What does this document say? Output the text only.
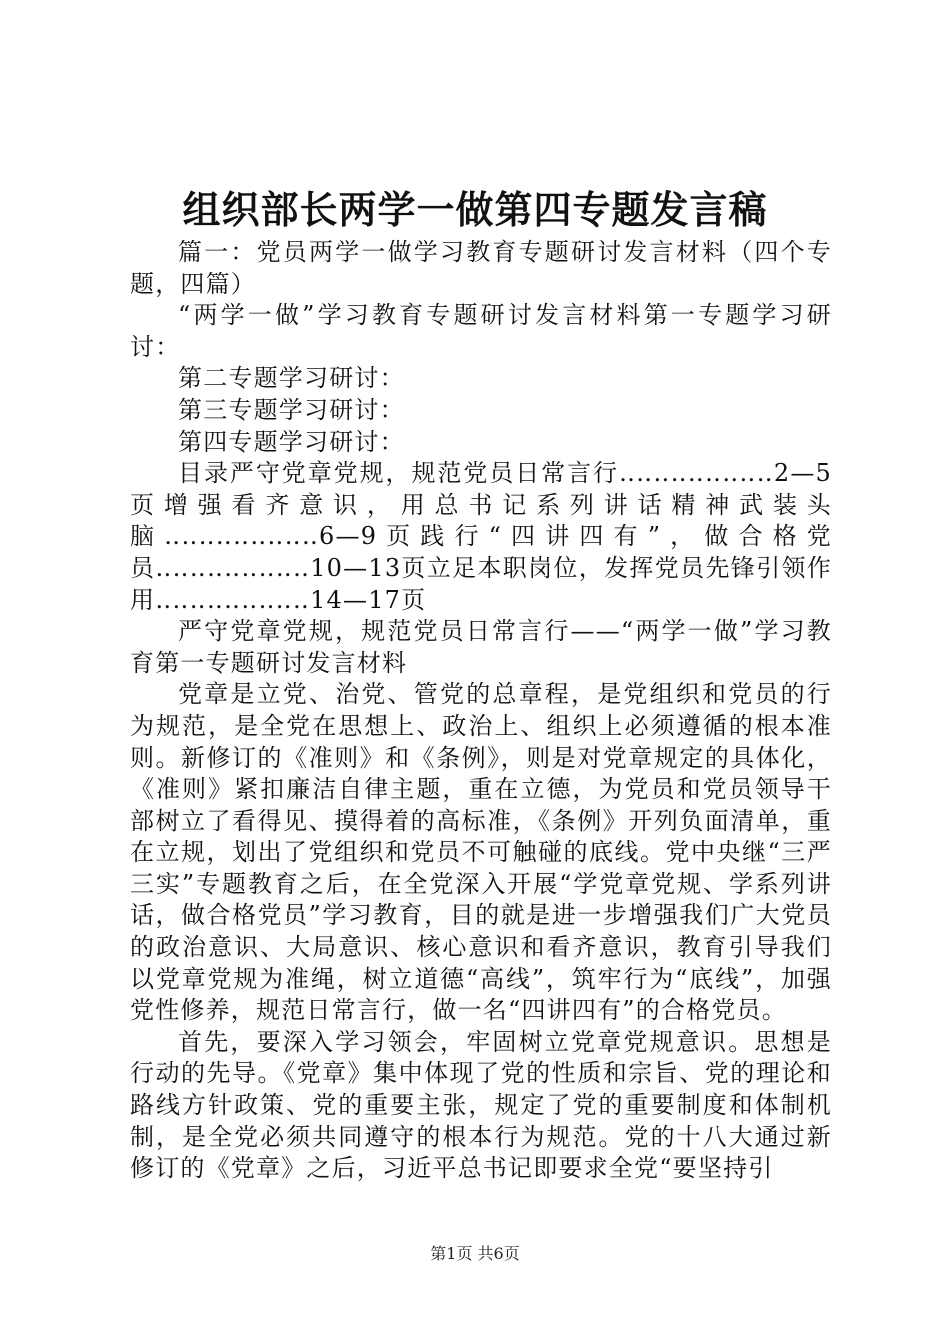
组织部长两学一做第四专题发言稿

篇一：党员两学一做学习教育专题研讨发言材料（四个专题，四篇）

“两学一做”学习教育专题研讨发言材料第一专题学习研讨：

第二专题学习研讨：

第三专题学习研讨：

第四专题学习研讨：

目录严守党章党规，规范党员日常言行‥‥‥‥‥‥‥‥‥2—5页增强看齐意识，用总书记系列讲话精神武装头脑‥‥‥‥‥‥‥‥‥6—9页践行“四讲四有”，做合格党员‥‥‥‥‥‥‥‥‥10—13页立足本职岗位，发挥党员先锋引领作用‥‥‥‥‥‥‥‥‥14—17页

严守党章党规，规范党员日常言行——“两学一做”学习教育第一专题研讨发言材料

党章是立党、治党、管党的总章程，是党组织和党员的行为规范，是全党在思想上、政治上、组织上必须遵循的根本准则。新修订的《准则》和《条例》，则是对党章规定的具体化，《准则》紧扣廉洁自律主题，重在立德，为党员和党员领导干部树立了看得见、摸得着的高标准，《条例》开列负面清单，重在立规，划出了党组织和党员不可触碰的底线。党中央继“三严三实”专题教育之后，在全党深入开展“学党章党规、学系列讲话，做合格党员”学习教育，目的就是进一步增强我们广大党员的政治意识、大局意识、核心意识和看齐意识，教育引导我们以党章党规为准绳，树立道德“高线”，筑牢行为“底线”，加强党性修养，规范日常言行，做一名“四讲四有”的合格党员。

首先，要深入学习领会，牢固树立党章党规意识。思想是行动的先导。《党章》集中体现了党的性质和宗旨、党的理论和路线方针政策、党的重要主张，规定了党的重要制度和体制机制，是全党必须共同遵守的根本行为规范。党的十八大通过新修订的《党章》之后，习近平总书记即要求全党“要坚持引

第1页 共6页
